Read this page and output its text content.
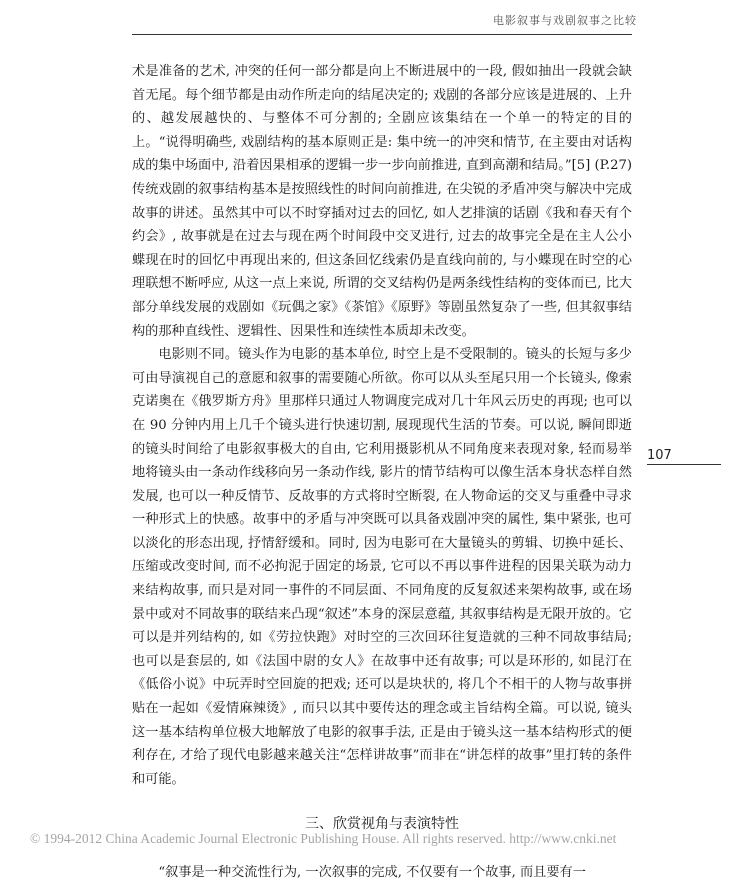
电影叙事与戏剧叙事之比较

术是准备的艺术, 冲突的任何一部分都是向上不断进展中的一段, 假如抽出一段就会缺首无尾。每个细节都是由动作所走向的结尾决定的; 戏剧的各部分应该是进展的、上升的、越发展越快的、与整体不可分割的; 全剧应该集结在一个单一的特定的目的上。“说得明确些, 戏剧结构的基本原则正是: 集中统一的冲突和情节, 在主要由对话构成的集中场面中, 沿着因果相承的逻辑一步一步向前推进, 直到高潮和结局。”[5] (P.27) 传统戏剧的叙事结构基本是按照线性的时间向前推进, 在尖锐的矛盾冲突与解决中完成故事的讲述。虽然其中可以不时穿插对过去的回忆, 如人艺排演的话剧《我和春天有个约会》, 故事就是在过去与现在两个时间段中交叉进行, 过去的故事完全是在主人公小蝶现在时的回忆中再现出来的, 但这条回忆线索仍是直线向前的, 与小蝶现在时空的心理联想不断呼应, 从这一点上来说, 所谓的交叉结构仍是两条线性结构的变体而已, 比大部分单线发展的戏剧如《玩偶之家》《茶馆》《原野》等剧虽然复杂了一些, 但其叙事结构的那种直线性、逻辑性、因果性和连续性本质却未改变。

电影则不同。镜头作为电影的基本单位, 时空上是不受限制的。镜头的长短与多少可由导演视自己的意愿和叙事的需要随心所欲。你可以从头至尾只用一个长镜头, 像索克诺奥在《俄罗斯方舟》里那样只通过人物调度完成对几十年风云历史的再现; 也可以在 90 分钟内用上几千个镜头进行快速切割, 展现现代生活的节奏。可以说, 瞬间即逝的镜头时间给了电影叙事极大的自由, 它利用摄影机从不同角度来表现对象, 轻而易举地将镜头由一条动作线移向另一条动作线, 影片的情节结构可以像生活本身状态样自然发展, 也可以一种反情节、反故事的方式将时空断裂, 在人物命运的交叉与重叠中寻求一种形式上的快感。故事中的矛盾与冲突既可以具备戏剧冲突的属性, 集中紧张, 也可以淡化的形态出现, 抒情舒缓和。同时, 因为电影可在大量镜头的剪辑、切换中延长、压缩或改变时间, 而不必拘泥于固定的场景, 它可以不再以事件进程的因果关联为动力来结构故事, 而只是对同一事件的不同层面、不同角度的反复叙述来架构故事, 或在场景中或对不同故事的联结来凸现“叙述”本身的深层意蕴, 其叙事结构是无限开放的。它可以是并列结构的, 如《劳拉快跑》对时空的三次回环往复造就的三种不同故事结局; 也可以是套层的, 如《法国中尉的女人》在故事中还有故事; 可以是环形的, 如昆汀在《低俗小说》中玩弄时空回旋的把戏; 还可以是块状的, 将几个不相干的人物与故事拼贴在一起如《爱情麻辣烫》, 而只以其中要传达的理念或主旨结构全篇。可以说, 镜头这一基本结构单位极大地解放了电影的叙事手法, 正是由于镜头这一基本结构形式的便利存在, 才给了现代电影越来越关注“怎样讲故事”而非在“讲怎样的故事”里打转的条件和可能。

三、欣赏视角与表演特性

“叙事是一种交流性行为, 一次叙事的完成, 不仅要有一个故事, 而且要有一

107
© 1994-2012 China Academic Journal Electronic Publishing House. All rights reserved. http://www.cnki.net
